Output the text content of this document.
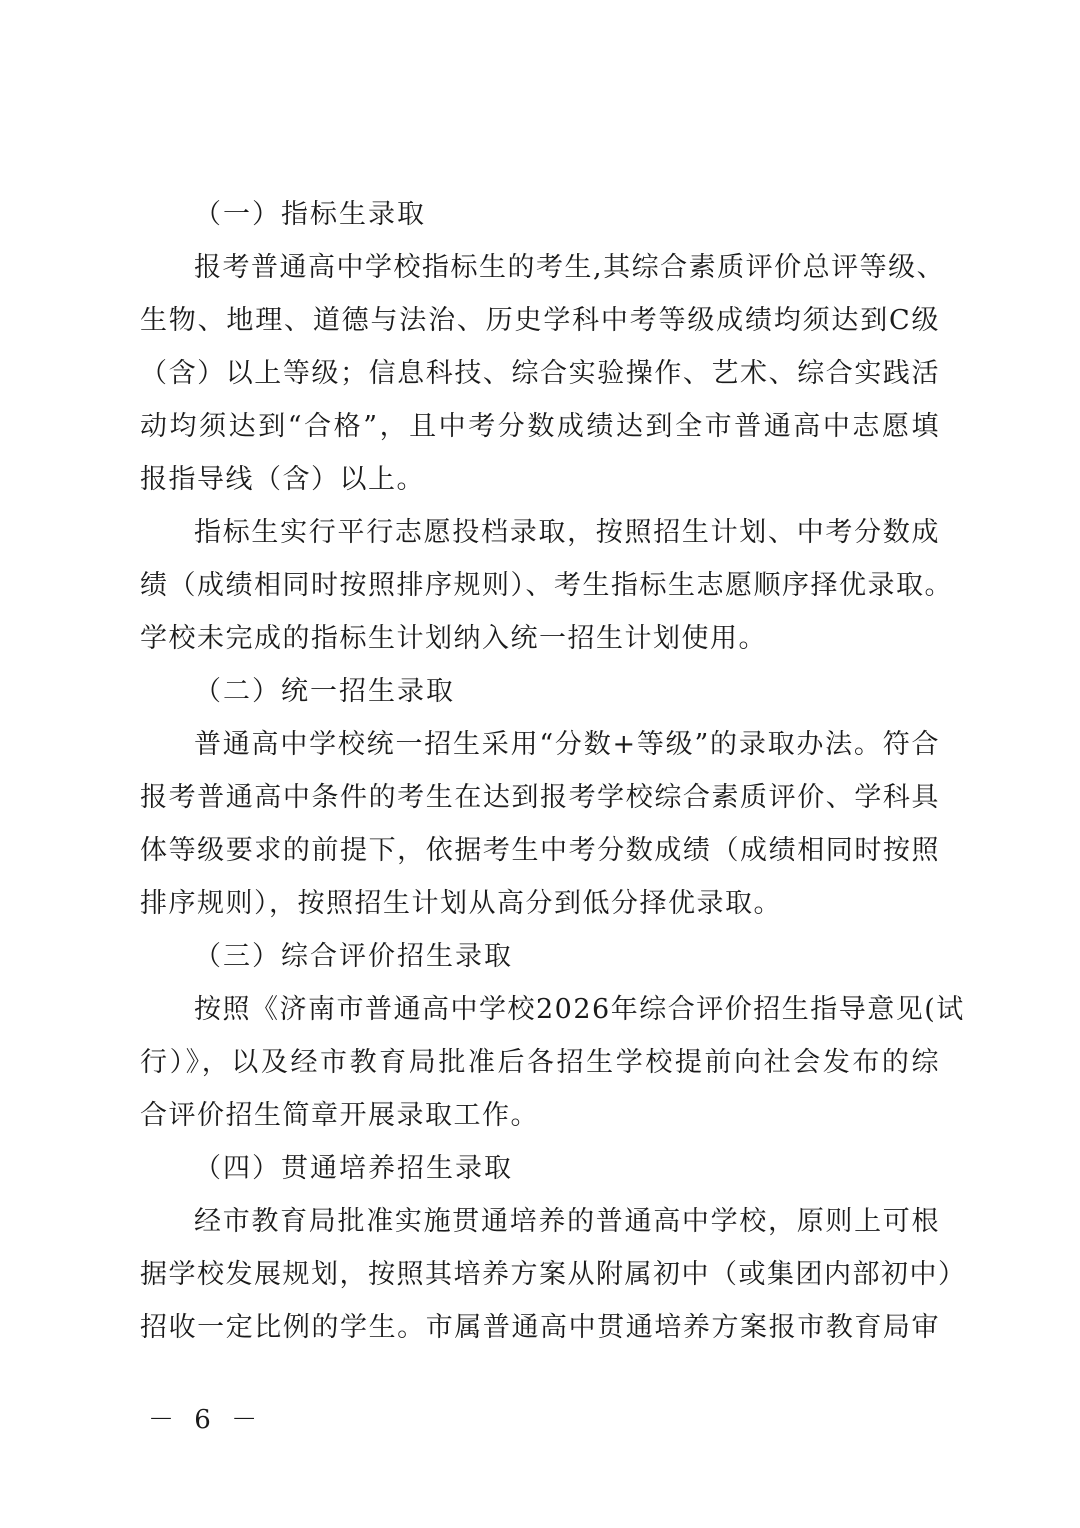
（一）指标生录取
报考普通高中学校指标生的考生,其综合素质评价总评等级、
生物、地理、道德与法治、历史学科中考等级成绩均须达到C级
（含）以上等级；信息科技、综合实验操作、艺术、综合实践活
动均须达到“合格”，且中考分数成绩达到全市普通高中志愿填
报指导线（含）以上。
指标生实行平行志愿投档录取，按照招生计划、中考分数成
绩（成绩相同时按照排序规则）、考生指标生志愿顺序择优录取。
学校未完成的指标生计划纳入统一招生计划使用。
（二）统一招生录取
普通高中学校统一招生采用“分数+等级”的录取办法。符合
报考普通高中条件的考生在达到报考学校综合素质评价、学科具
体等级要求的前提下，依据考生中考分数成绩（成绩相同时按照
排序规则），按照招生计划从高分到低分择优录取。
（三）综合评价招生录取
按照《济南市普通高中学校2026年综合评价招生指导意见(试
行）》，以及经市教育局批准后各招生学校提前向社会发布的综
合评价招生简章开展录取工作。
（四）贯通培养招生录取
经市教育局批准实施贯通培养的普通高中学校，原则上可根
据学校发展规划，按照其培养方案从附属初中（或集团内部初中）
招收一定比例的学生。市属普通高中贯通培养方案报市教育局审
－ 6 －
